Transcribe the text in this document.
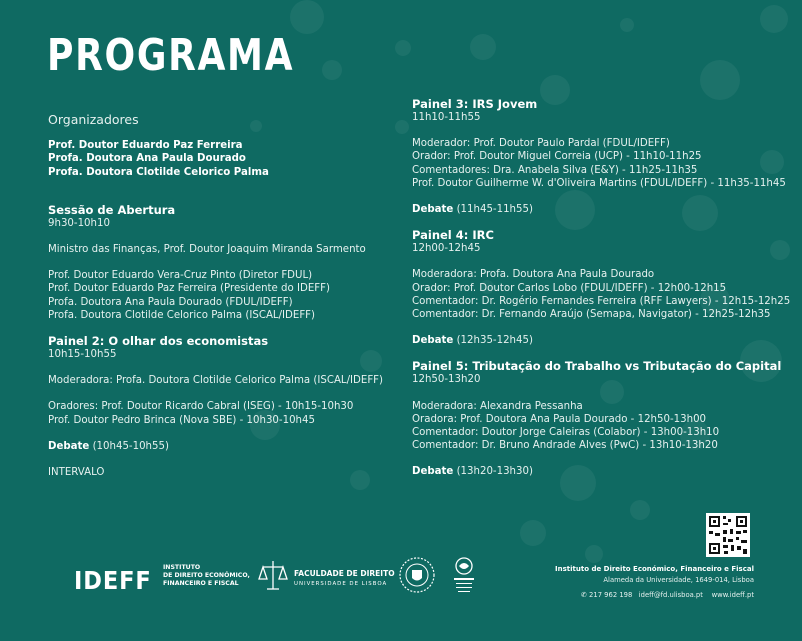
PROGRAMA
Organizadores
Prof. Doutor Eduardo Paz Ferreira
Profa. Doutora Ana Paula Dourado
Profa. Doutora Clotilde Celorico Palma
Sessão de Abertura
9h30-10h10
Ministro das Finanças, Prof. Doutor Joaquim Miranda Sarmento
Prof. Doutor Eduardo Vera-Cruz Pinto (Diretor FDUL)
Prof. Doutor Eduardo Paz Ferreira (Presidente do IDEFF)
Profa. Doutora Ana Paula Dourado (FDUL/IDEFF)
Profa. Doutora Clotilde Celorico Palma (ISCAL/IDEFF)
Painel 2: O olhar dos economistas
10h15-10h55
Moderadora: Profa. Doutora Clotilde Celorico Palma (ISCAL/IDEFF)
Oradores: Prof. Doutor Ricardo Cabral (ISEG) - 10h15-10h30
Prof. Doutor Pedro Brinca (Nova SBE) - 10h30-10h45
Debate (10h45-10h55)
INTERVALO
Painel 3: IRS Jovem
11h10-11h55
Moderador: Prof. Doutor Paulo Pardal (FDUL/IDEFF)
Orador: Prof. Doutor Miguel Correia (UCP) - 11h10-11h25
Comentadores: Dra. Anabela Silva (E&Y) - 11h25-11h35
Prof. Doutor Guilherme W. d'Oliveira Martins (FDUL/IDEFF) - 11h35-11h45
Debate (11h45-11h55)
Painel 4: IRC
12h00-12h45
Moderadora: Profa. Doutora Ana Paula Dourado
Orador: Prof. Doutor Carlos Lobo (FDUL/IDEFF) - 12h00-12h15
Comentador: Dr. Rogério Fernandes Ferreira (RFF Lawyers) - 12h15-12h25
Comentador: Dr. Fernando Araújo (Semapa, Navigator) - 12h25-12h35
Debate (12h35-12h45)
Painel 5: Tributação do Trabalho vs Tributação do Capital
12h50-13h20
Moderadora: Alexandra Pessanha
Oradora: Prof. Doutora Ana Paula Dourado - 12h50-13h00
Comentador: Doutor Jorge Caleiras (Colabor) - 13h00-13h10
Comentador: Dr. Bruno Andrade Alves (PwC) - 13h10-13h20
Debate (13h20-13h30)
IDEFF INSTITUTO
DE DIREITO ECONÓMICO,
FINANCEIRO E FISCAL
FACULDADE DE DIREITO
UNIVERSIDADE DE LISBOA
Instituto de Direito Económico, Financeiro e Fiscal
Alameda da Universidade, 1649-014, Lisboa
✆ 217 962 198 ideff@fd.ulisboa.pt www.ideff.pt
